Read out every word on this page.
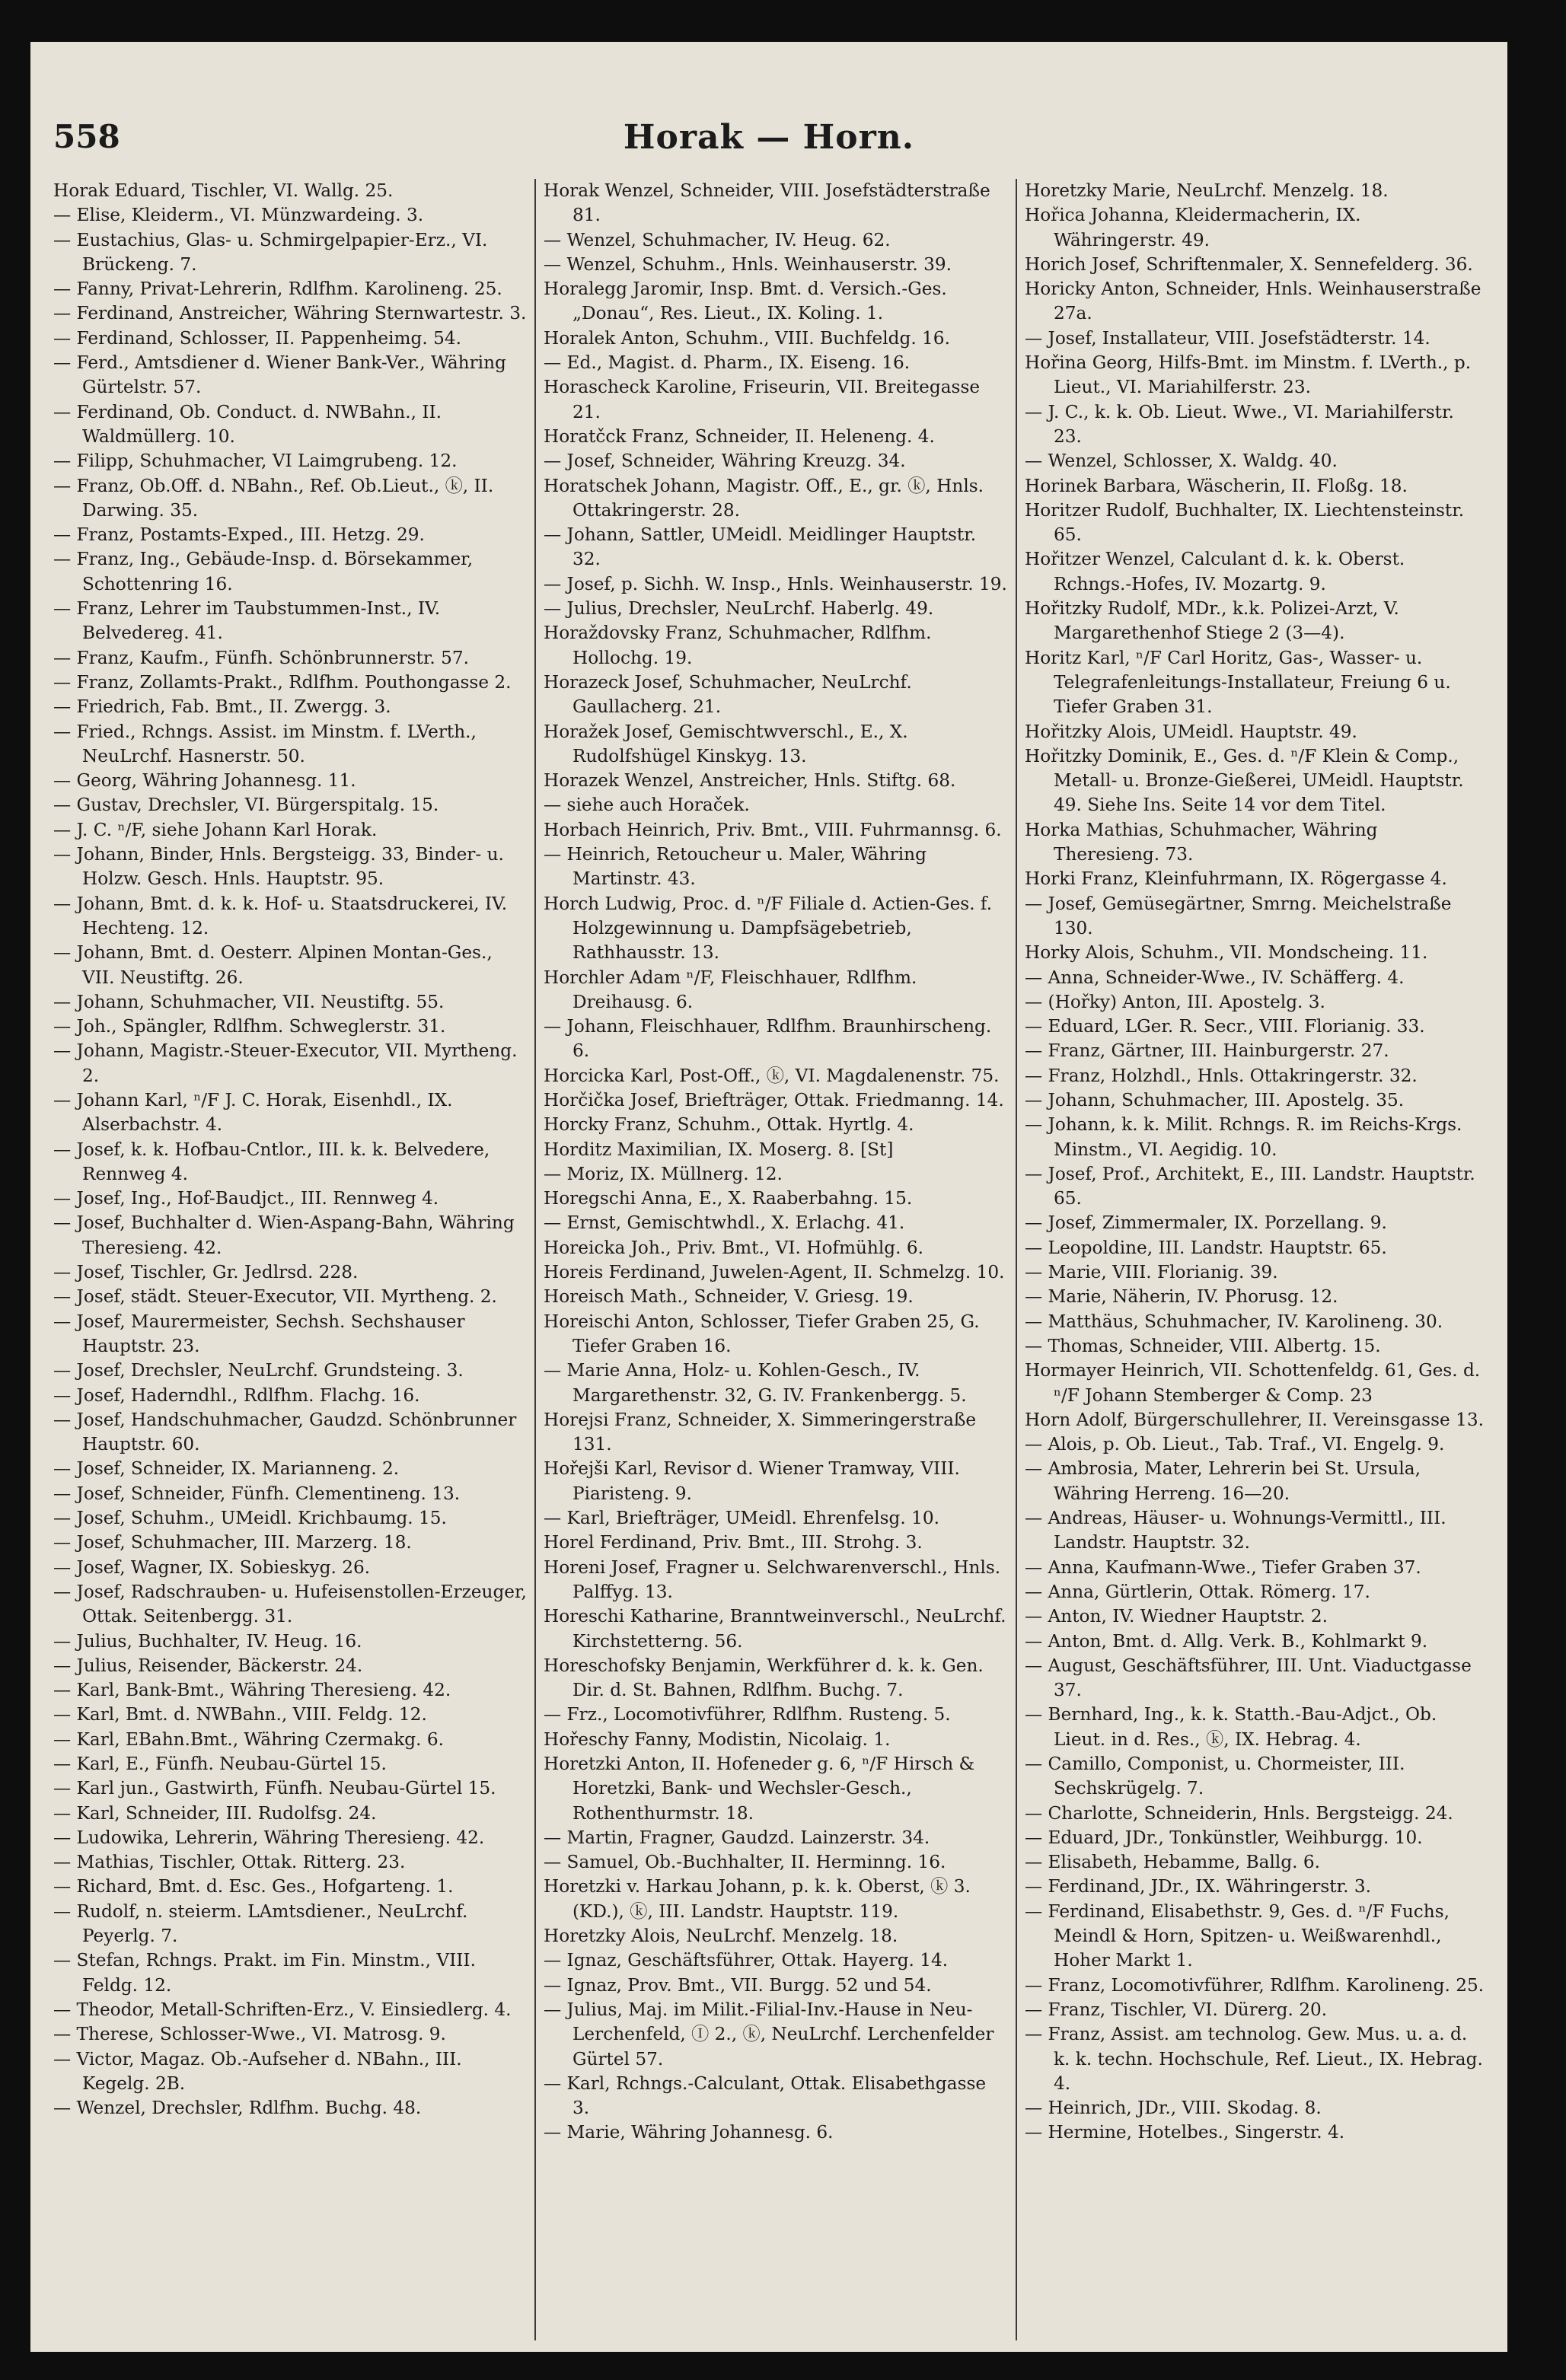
558	Horak — Horn.
Horak Eduard, Tischler, VI. Wallg. 25.
— Elise, Kleiderm., VI. Münzwardeing. 3.
— Eustachius, Glas- u. Schmirgelpapier-Erz., VI. Brückeng. 7.
— Fanny, Privat-Lehrerin, Rdlfhm. Karolineng. 25.
— Ferdinand, Anstreicher, Währing Sternwartestr. 3.
— Ferdinand, Schlosser, II. Pappenheimg. 54.
— Ferd., Amtsdiener d. Wiener Bank-Ver., Währing Gürtelstr. 57.
— Ferdinand, Ob. Conduct. d. NWBahn., II. Waldmüllerg. 10.
— Filipp, Schuhmacher, VI Laimgrubeng. 12.
— Franz, Ob.Off. d. NBahn., Ref. Ob.Lieut., ⓚ, II. Darwing. 35.
— Franz, Postamts-Exped., III. Hetzg. 29.
— Franz, Ing., Gebäude-Insp. d. Börsekammer, Schottenring 16.
— Franz, Lehrer im Taubstummen-Inst., IV. Belvedereg. 41.
— Franz, Kaufm., Fünfh. Schönbrunnerstr. 57.
— Franz, Zollamts-Prakt., Rdlfhm. Pouthongasse 2.
— Friedrich, Fab. Bmt., II. Zwergg. 3.
— Fried., Rchngs. Assist. im Minstm. f. LVerth., NeuLrchf. Hasnerstr. 50.
— Georg, Währing Johannesg. 11.
— Gustav, Drechsler, VI. Bürgerspitalg. 15.
— J. C. ⁿ/F, siehe Johann Karl Horak.
— Johann, Binder, Hnls. Bergsteigg. 33, Binder- u. Holzw. Gesch. Hnls. Hauptstr. 95.
— Johann, Bmt. d. k. k. Hof- u. Staatsdruckerei, IV. Hechteng. 12.
— Johann, Bmt. d. Oesterr. Alpinen Montan-Ges., VII. Neustiftg. 26.
— Johann, Schuhmacher, VII. Neustiftg. 55.
— Joh., Spängler, Rdlfhm. Schweglerstr. 31.
— Johann, Magistr.-Steuer-Executor, VII. Myrtheng. 2.
— Johann Karl, ⁿ/F J. C. Horak, Eisenhdl., IX. Alserbachstr. 4.
— Josef, k. k. Hofbau-Cntlor., III. k. k. Belvedere, Rennweg 4.
— Josef, Ing., Hof-Baudjct., III. Rennweg 4.
— Josef, Buchhalter d. Wien-Aspang-Bahn, Währing Theresieng. 42.
— Josef, Tischler, Gr. Jedlrsd. 228.
— Josef, städt. Steuer-Executor, VII. Myrtheng. 2.
— Josef, Maurermeister, Sechsh. Sechshauser Hauptstr. 23.
— Josef, Drechsler, NeuLrchf. Grundsteing. 3.
— Josef, Haderndhl., Rdlfhm. Flachg. 16.
— Josef, Handschuhmacher, Gaudzd. Schönbrunner Hauptstr. 60.
— Josef, Schneider, IX. Marianneng. 2.
— Josef, Schneider, Fünfh. Clementineng. 13.
— Josef, Schuhm., UMeidl. Krichbaumg. 15.
— Josef, Schuhmacher, III. Marzerg. 18.
— Josef, Wagner, IX. Sobieskyg. 26.
— Josef, Radschrauben- u. Hufeisenstollen-Erzeuger, Ottak. Seitenbergg. 31.
— Julius, Buchhalter, IV. Heug. 16.
— Julius, Reisender, Bäckerstr. 24.
— Karl, Bank-Bmt., Währing Theresieng. 42.
— Karl, Bmt. d. NWBahn., VIII. Feldg. 12.
— Karl, EBahn.Bmt., Währing Czermakg. 6.
— Karl, E., Fünfh. Neubau-Gürtel 15.
— Karl jun., Gastwirth, Fünfh. Neubau-Gürtel 15.
— Karl, Schneider, III. Rudolfsg. 24.
— Ludowika, Lehrerin, Währing Theresieng. 42.
— Mathias, Tischler, Ottak. Ritterg. 23.
— Richard, Bmt. d. Esc. Ges., Hofgarteng. 1.
— Rudolf, n. steierm. LAmtsdiener., NeuLrchf. Peyerlg. 7.
— Stefan, Rchngs. Prakt. im Fin. Minstm., VIII. Feldg. 12.
— Theodor, Metall-Schriften-Erz., V. Einsiedlerg. 4.
— Therese, Schlosser-Wwe., VI. Matrosg. 9.
— Victor, Magaz. Ob.-Aufseher d. NBahn., III. Kegelg. 2B.
— Wenzel, Drechsler, Rdlfhm. Buchg. 48.
Horak Wenzel, Schneider, VIII. Josefstädterstraße 81.
— Wenzel, Schuhmacher, IV. Heug. 62.
— Wenzel, Schuhm., Hnls. Weinhauserstr. 39.
Horalegg Jaromir, Insp. Bmt. d. Versich.-Ges. „Donau“, Res. Lieut., IX. Koling. 1.
Horalek Anton, Schuhm., VIII. Buchfeldg. 16.
— Ed., Magist. d. Pharm., IX. Eiseng. 16.
Horascheck Karoline, Friseurin, VII. Breitegasse 21.
Horatčck Franz, Schneider, II. Heleneng. 4.
— Josef, Schneider, Währing Kreuzg. 34.
Horatschek Johann, Magistr. Off., E., gr. ⓚ, Hnls. Ottakringerstr. 28.
— Johann, Sattler, UMeidl. Meidlinger Hauptstr. 32.
— Josef, p. Sichh. W. Insp., Hnls. Weinhauserstr. 19.
— Julius, Drechsler, NeuLrchf. Haberlg. 49.
Horaždovsky Franz, Schuhmacher, Rdlfhm. Hollochg. 19.
Horazeck Josef, Schuhmacher, NeuLrchf. Gaullacherg. 21.
Horažek Josef, Gemischtwverschl., E., X. Rudolfshügel Kinskyg. 13.
Horazek Wenzel, Anstreicher, Hnls. Stiftg. 68.
— siehe auch Horaček.
Horbach Heinrich, Priv. Bmt., VIII. Fuhrmannsg. 6.
— Heinrich, Retoucheur u. Maler, Währing Martinstr. 43.
Horch Ludwig, Proc. d. ⁿ/F Filiale d. Actien-Ges. f. Holzgewinnung u. Dampfsägebetrieb, Rathhausstr. 13.
Horchler Adam ⁿ/F, Fleischhauer, Rdlfhm. Dreihausg. 6.
— Johann, Fleischhauer, Rdlfhm. Braunhirscheng. 6.
Horcicka Karl, Post-Off., ⓚ, VI. Magdalenenstr. 75.
Horčička Josef, Briefträger, Ottak. Friedmanng. 14.
Horcky Franz, Schuhm., Ottak. Hyrtlg. 4.
Horditz Maximilian, IX. Moserg. 8. [St]
— Moriz, IX. Müllnerg. 12.
Horegschi Anna, E., X. Raaberbahng. 15.
— Ernst, Gemischtwhdl., X. Erlachg. 41.
Horeicka Joh., Priv. Bmt., VI. Hofmühlg. 6.
Horeis Ferdinand, Juwelen-Agent, II. Schmelzg. 10.
Horeisch Math., Schneider, V. Griesg. 19.
Horeischi Anton, Schlosser, Tiefer Graben 25, G. Tiefer Graben 16.
— Marie Anna, Holz- u. Kohlen-Gesch., IV. Margarethenstr. 32, G. IV. Frankenbergg. 5.
Horejsi Franz, Schneider, X. Simmeringerstraße 131.
Hořejši Karl, Revisor d. Wiener Tramway, VIII. Piaristeng. 9.
— Karl, Briefträger, UMeidl. Ehrenfelsg. 10.
Horel Ferdinand, Priv. Bmt., III. Strohg. 3.
Horeni Josef, Fragner u. Selchwarenverschl., Hnls. Palffyg. 13.
Horeschi Katharine, Branntweinverschl., NeuLrchf. Kirchstetterng. 56.
Horeschofsky Benjamin, Werkführer d. k. k. Gen. Dir. d. St. Bahnen, Rdlfhm. Buchg. 7.
— Frz., Locomotivführer, Rdlfhm. Rusteng. 5.
Hořeschy Fanny, Modistin, Nicolaig. 1.
Horetzki Anton, II. Hofeneder g. 6, ⁿ/F Hirsch & Horetzki, Bank- und Wechsler-Gesch., Rothenthurmstr. 18.
— Martin, Fragner, Gaudzd. Lainzerstr. 34.
— Samuel, Ob.-Buchhalter, II. Herminng. 16.
Horetzki v. Harkau Johann, p. k. k. Oberst, ⓚ 3. (KD.), ⓚ, III. Landstr. Hauptstr. 119.
Horetzky Alois, NeuLrchf. Menzelg. 18.
— Ignaz, Geschäftsführer, Ottak. Hayerg. 14.
— Ignaz, Prov. Bmt., VII. Burgg. 52 und 54.
— Julius, Maj. im Milit.-Filial-Inv.-Hause in Neu-Lerchenfeld, Ⓘ 2., ⓚ, NeuLrchf. Lerchenfelder Gürtel 57.
— Karl, Rchngs.-Calculant, Ottak. Elisabethgasse 3.
— Marie, Währing Johannesg. 6.
Horetzky Marie, NeuLrchf. Menzelg. 18.
Hořica Johanna, Kleidermacherin, IX. Währingerstr. 49.
Horich Josef, Schriftenmaler, X. Sennefelderg. 36.
Horicky Anton, Schneider, Hnls. Weinhauserstraße 27a.
— Josef, Installateur, VIII. Josefstädterstr. 14.
Hořina Georg, Hilfs-Bmt. im Minstm. f. LVerth., p. Lieut., VI. Mariahilferstr. 23.
— J. C., k. k. Ob. Lieut. Wwe., VI. Mariahilferstr. 23.
— Wenzel, Schlosser, X. Waldg. 40.
Horinek Barbara, Wäscherin, II. Floßg. 18.
Horitzer Rudolf, Buchhalter, IX. Liechtensteinstr. 65.
Hořitzer Wenzel, Calculant d. k. k. Oberst. Rchngs.-Hofes, IV. Mozartg. 9.
Hořitzky Rudolf, MDr., k.k. Polizei-Arzt, V. Margarethenhof Stiege 2 (3—4).
Horitz Karl, ⁿ/F Carl Horitz, Gas-, Wasser- u. Telegrafenleitungs-Installateur, Freiung 6 u. Tiefer Graben 31.
Hořitzky Alois, UMeidl. Hauptstr. 49.
Hořitzky Dominik, E., Ges. d. ⁿ/F Klein & Comp., Metall- u. Bronze-Gießerei, UMeidl. Hauptstr. 49. Siehe Ins. Seite 14 vor dem Titel.
Horka Mathias, Schuhmacher, Währing Theresieng. 73.
Horki Franz, Kleinfuhrmann, IX. Rögergasse 4.
— Josef, Gemüsegärtner, Smrng. Meichelstraße 130.
Horky Alois, Schuhm., VII. Mondscheing. 11.
— Anna, Schneider-Wwe., IV. Schäfferg. 4.
— (Hořky) Anton, III. Apostelg. 3.
— Eduard, LGer. R. Secr., VIII. Florianig. 33.
— Franz, Gärtner, III. Hainburgerstr. 27.
— Franz, Holzhdl., Hnls. Ottakringerstr. 32.
— Johann, Schuhmacher, III. Apostelg. 35.
— Johann, k. k. Milit. Rchngs. R. im Reichs-Krgs. Minstm., VI. Aegidig. 10.
— Josef, Prof., Architekt, E., III. Landstr. Hauptstr. 65.
— Josef, Zimmermaler, IX. Porzellang. 9.
— Leopoldine, III. Landstr. Hauptstr. 65.
— Marie, VIII. Florianig. 39.
— Marie, Näherin, IV. Phorusg. 12.
— Matthäus, Schuhmacher, IV. Karolineng. 30.
— Thomas, Schneider, VIII. Albertg. 15.
Hormayer Heinrich, VII. Schottenfeldg. 61, Ges. d. ⁿ/F Johann Stemberger & Comp. 23
Horn Adolf, Bürgerschullehrer, II. Vereinsgasse 13.
— Alois, p. Ob. Lieut., Tab. Traf., VI. Engelg. 9.
— Ambrosia, Mater, Lehrerin bei St. Ursula, Währing Herreng. 16—20.
— Andreas, Häuser- u. Wohnungs-Vermittl., III. Landstr. Hauptstr. 32.
— Anna, Kaufmann-Wwe., Tiefer Graben 37.
— Anna, Gürtlerin, Ottak. Römerg. 17.
— Anton, IV. Wiedner Hauptstr. 2.
— Anton, Bmt. d. Allg. Verk. B., Kohlmarkt 9.
— August, Geschäftsführer, III. Unt. Viaductgasse 37.
— Bernhard, Ing., k. k. Statth.-Bau-Adjct., Ob. Lieut. in d. Res., ⓚ, IX. Hebrag. 4.
— Camillo, Componist, u. Chormeister, III. Sechskrügelg. 7.
— Charlotte, Schneiderin, Hnls. Bergsteigg. 24.
— Eduard, JDr., Tonkünstler, Weihburgg. 10.
— Elisabeth, Hebamme, Ballg. 6.
— Ferdinand, JDr., IX. Währingerstr. 3.
— Ferdinand, Elisabethstr. 9, Ges. d. ⁿ/F Fuchs, Meindl & Horn, Spitzen- u. Weißwarenhdl., Hoher Markt 1.
— Franz, Locomotivführer, Rdlfhm. Karolineng. 25.
— Franz, Tischler, VI. Dürerg. 20.
— Franz, Assist. am technolog. Gew. Mus. u. a. d. k. k. techn. Hochschule, Ref. Lieut., IX. Hebrag. 4.
— Heinrich, JDr., VIII. Skodag. 8.
— Hermine, Hotelbes., Singerstr. 4.
